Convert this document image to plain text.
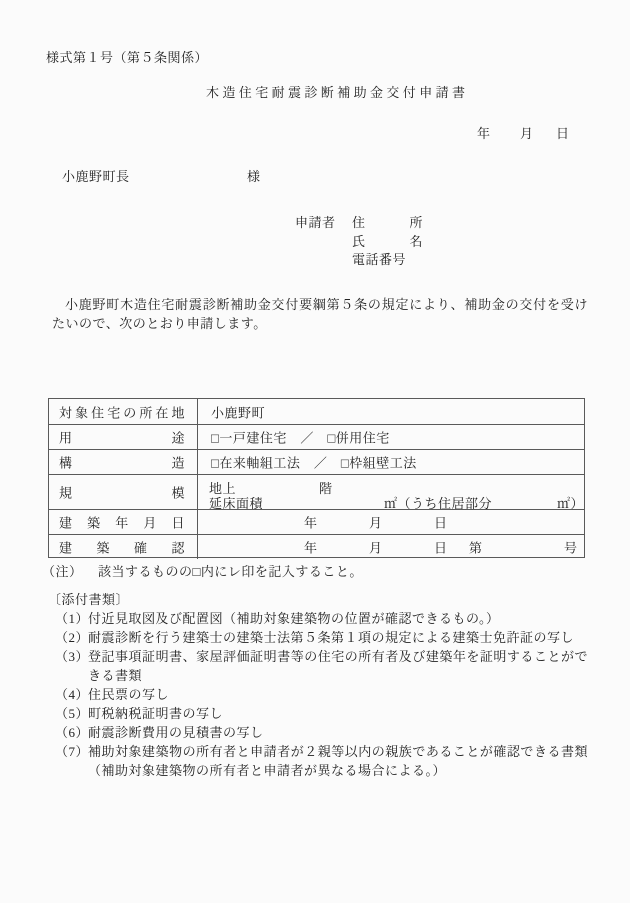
様式第１号（第５条関係）
木造住宅耐震診断補助金交付申請書
年 月 日
小鹿野町長	様
申請者 住	所
氏	名
電話番号
小鹿野町木造住宅耐震診断補助金交付要綱第５条の規定により、補助金の交付を受けたいので、次のとおり申請します。
対 象 住 宅 の 所 在 地 小鹿野町
用	途 □一戸建住宅　／　□併用住宅
構	造 □在来軸組工法　／　□枠組壁工法
規	模 地上	階
延床面積	㎡（うち住居部分	㎡）
建 築 年 月 日	年	月	日
建 築 確 認	年	月	日 第	号
（注）	該当するものの□内にレ印を記入すること。
〔添付書類〕
（1）
付近見取図及び配置図（補助対象建築物の位置が確認できるもの。）
（2）
耐震診断を行う建築士の建築士法第５条第１項の規定による建築士免許証の写し
（3）
登記事項証明書、家屋評価証明書等の住宅の所有者及び建築年を証明することができる書類
（4）
住民票の写し
（5）
町税納税証明書の写し
（6）
耐震診断費用の見積書の写し
（7）
補助対象建築物の所有者と申請者が２親等以内の親族であることが確認できる書類（補助対象建築物の所有者と申請者が異なる場合による。）
